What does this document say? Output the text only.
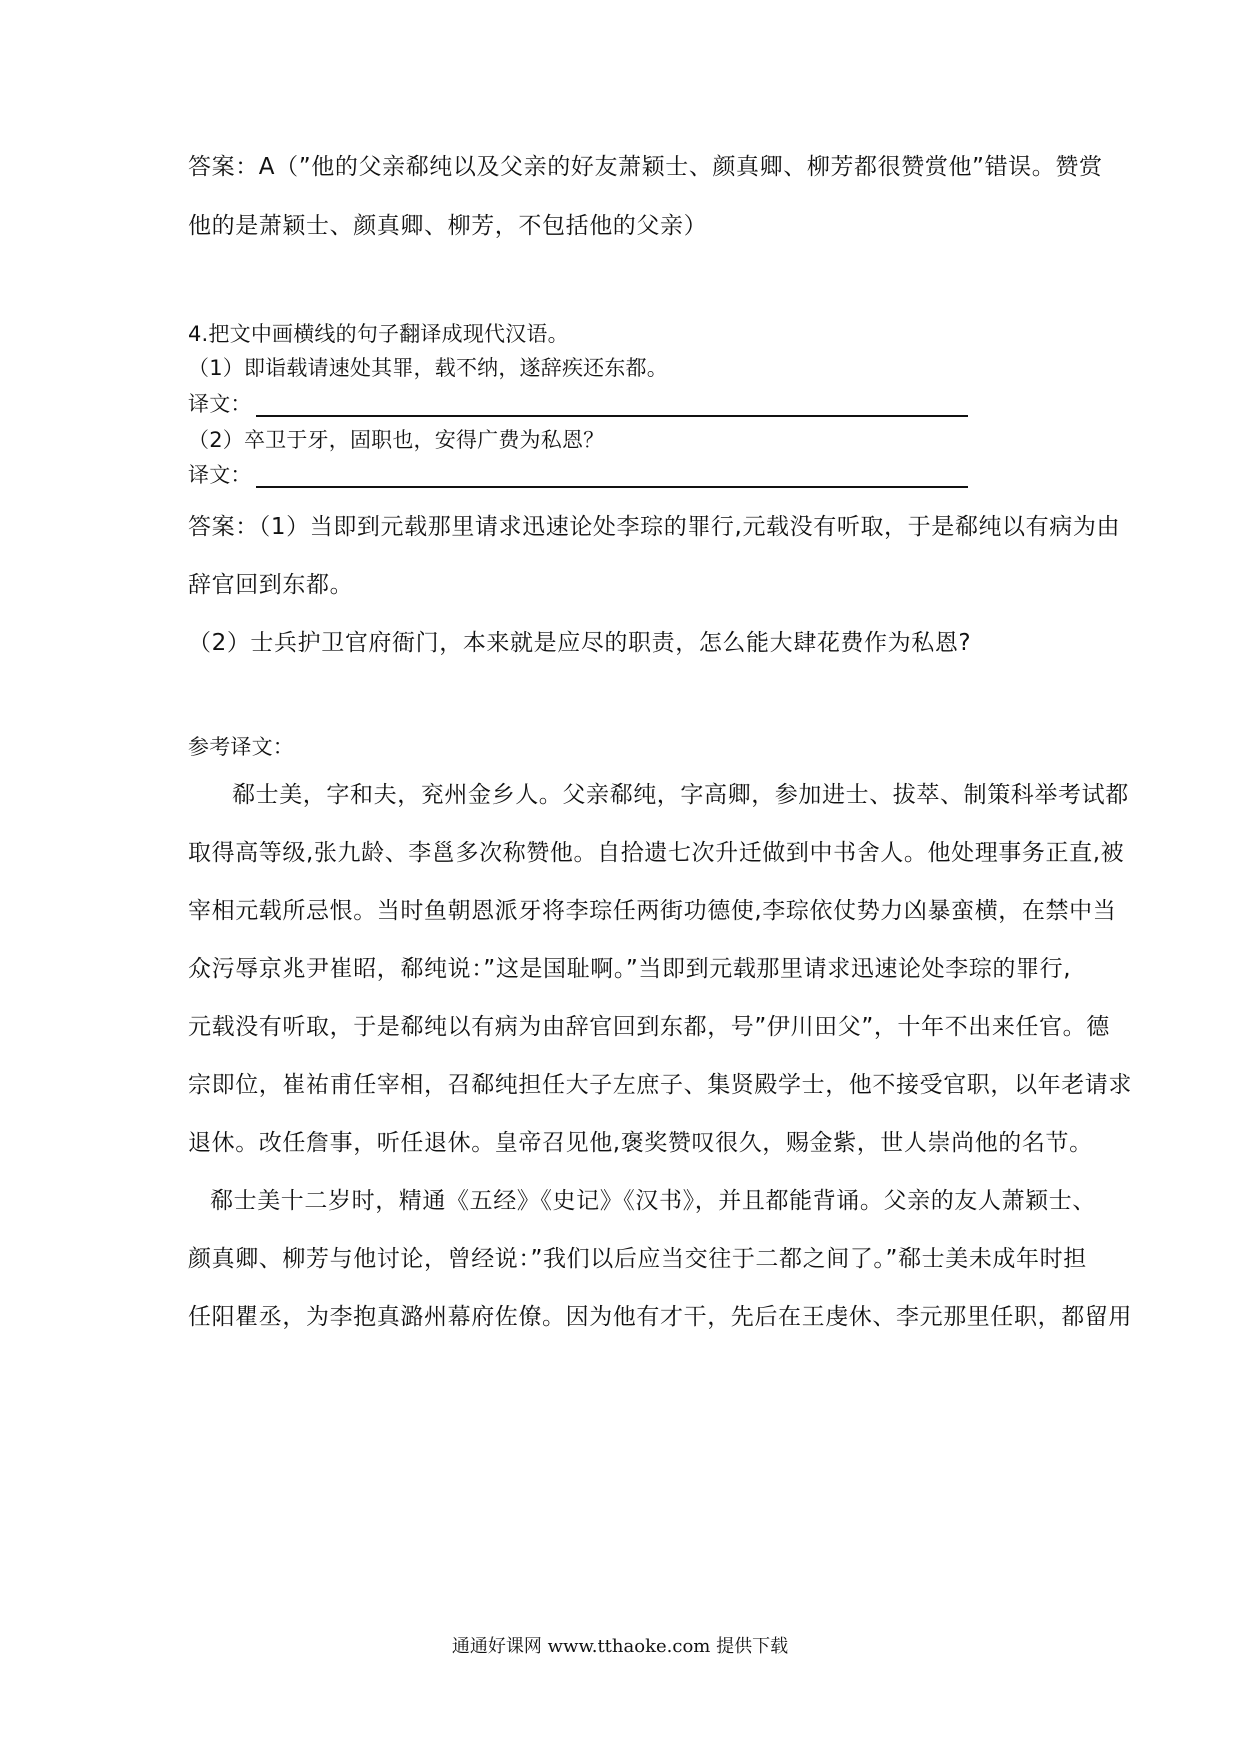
答案：A（”他的父亲郗纯以及父亲的好友萧颖士、颜真卿、柳芳都很赞赏他”错误。赞赏
他的是萧颖士、颜真卿、柳芳，不包括他的父亲）
4.把文中画横线的句子翻译成现代汉语。
（1）即诣载请速处其罪，载不纳，遂辞疾还东都。
译文：
（2）卒卫于牙，固职也，安得广费为私恩？
译文：
答案：（1）当即到元载那里请求迅速论处李琮的罪行,元载没有听取，于是郗纯以有病为由
辞官回到东都。
（2）士兵护卫官府衙门，本来就是应尽的职责，怎么能大肆花费作为私恩?
参考译文：
郗士美，字和夫，兖州金乡人。父亲郗纯，字高卿，参加进士、拔萃、制策科举考试都
取得高等级,张九龄、李邕多次称赞他。自拾遗七次升迁做到中书舍人。他处理事务正直,被
宰相元载所忌恨。当时鱼朝恩派牙将李琮任两街功德使,李琮依仗势力凶暴蛮横，在禁中当
众污辱京兆尹崔昭，郗纯说：”这是国耻啊。”当即到元载那里请求迅速论处李琮的罪行,
元载没有听取，于是郗纯以有病为由辞官回到东都，号”伊川田父”，十年不出来任官。德
宗即位，崔祐甫任宰相，召郗纯担任大子左庶子、集贤殿学士，他不接受官职，以年老请求
退休。改任詹事，听任退休。皇帝召见他,褒奖赞叹很久，赐金紫，世人崇尚他的名节。
郗士美十二岁时，精通《五经》《史记》《汉书》，并且都能背诵。父亲的友人萧颖士、
颜真卿、柳芳与他讨论，曾经说：”我们以后应当交往于二都之间了。”郗士美未成年时担
任阳瞿丞，为李抱真潞州幕府佐僚。因为他有才干，先后在王虔休、李元那里任职，都留用
通通好课网 www.tthaoke.com 提供下载
